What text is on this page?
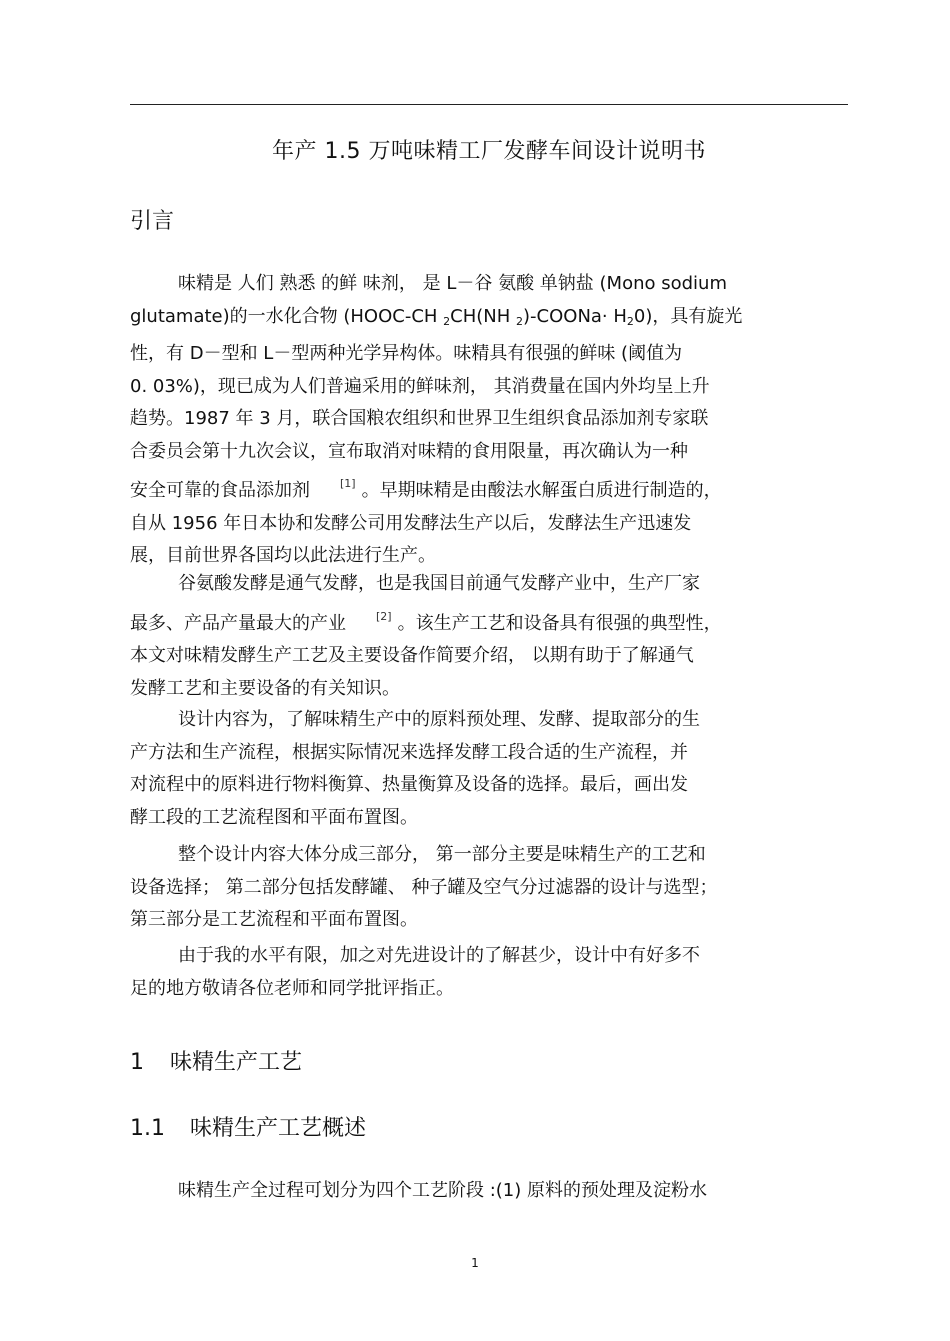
年产 1.5 万吨味精工厂发酵车间设计说明书
引言
味精是 人们 熟悉 的鲜 味剂， 是 L－谷 氨酸 单钠盐 (Mono sodium
glutamate)的一水化合物 (HOOC-CH $_2$CH(NH $_2$)-COONa· $H_20$)，具有旋光
性，有 D－型和 L－型两种光学异构体。味精具有很强的鲜味 (阈值为
0. 03%)，现已成为人们普遍采用的鲜味剂， 其消费量在国内外均呈上升
趋势。1987 年 3 月，联合国粮农组织和世界卫生组织食品添加剂专家联
合委员会第十九次会议，宣布取消对味精的食用限量，再次确认为一种
安全可靠的食品添加剂	[1] 。早期味精是由酸法水解蛋白质进行制造的，
自从 1956 年日本协和发酵公司用发酵法生产以后，发酵法生产迅速发
展，目前世界各国均以此法进行生产。
谷氨酸发酵是通气发酵，也是我国目前通气发酵产业中，生产厂家
最多、产品产量最大的产业	[2] 。该生产工艺和设备具有很强的典型性，
本文对味精发酵生产工艺及主要设备作简要介绍， 以期有助于了解通气
发酵工艺和主要设备的有关知识。
设计内容为，了解味精生产中的原料预处理、发酵、提取部分的生
产方法和生产流程，根据实际情况来选择发酵工段合适的生产流程，并
对流程中的原料进行物料衡算、热量衡算及设备的选择。最后，画出发
酵工段的工艺流程图和平面布置图。
整个设计内容大体分成三部分， 第一部分主要是味精生产的工艺和
设备选择； 第二部分包括发酵罐、 种子罐及空气分过滤器的设计与选型；
第三部分是工艺流程和平面布置图。
由于我的水平有限，加之对先进设计的了解甚少，设计中有好多不
足的地方敬请各位老师和同学批评指正。
1 味精生产工艺
1.1 味精生产工艺概述
味精生产全过程可划分为四个工艺阶段 :(1) 原料的预处理及淀粉水
1
